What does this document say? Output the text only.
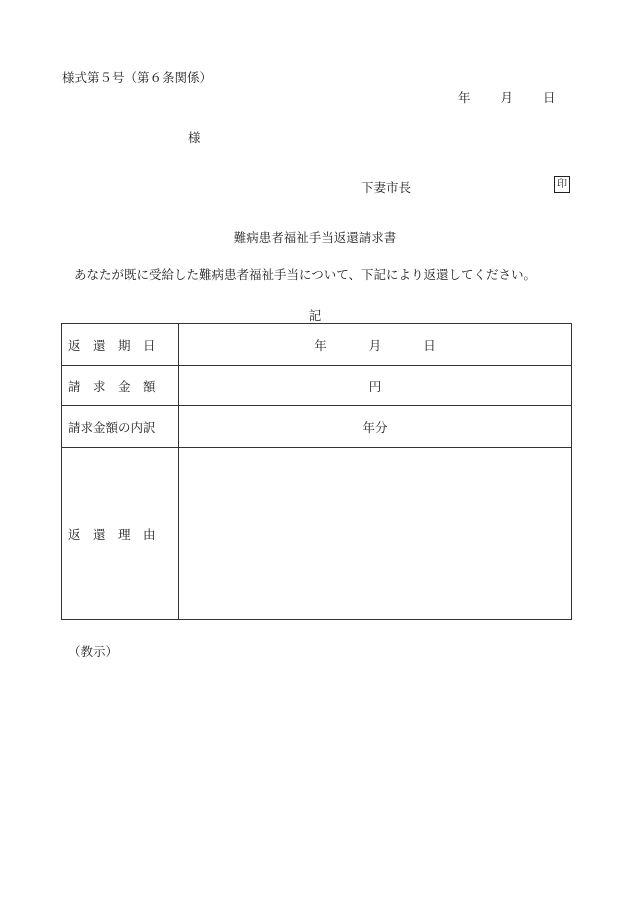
様式第５号（第６条関係）
年 月 日
様
下妻市長	印
難病患者福祉手当返還請求書
あなたが既に受給した難病患者福祉手当について、下記により返還してください。
記
返　還　期　日	年 月 日
請　求　金　額	円
請求金額の内訳	年分
返　還　理　由	
（教示）
